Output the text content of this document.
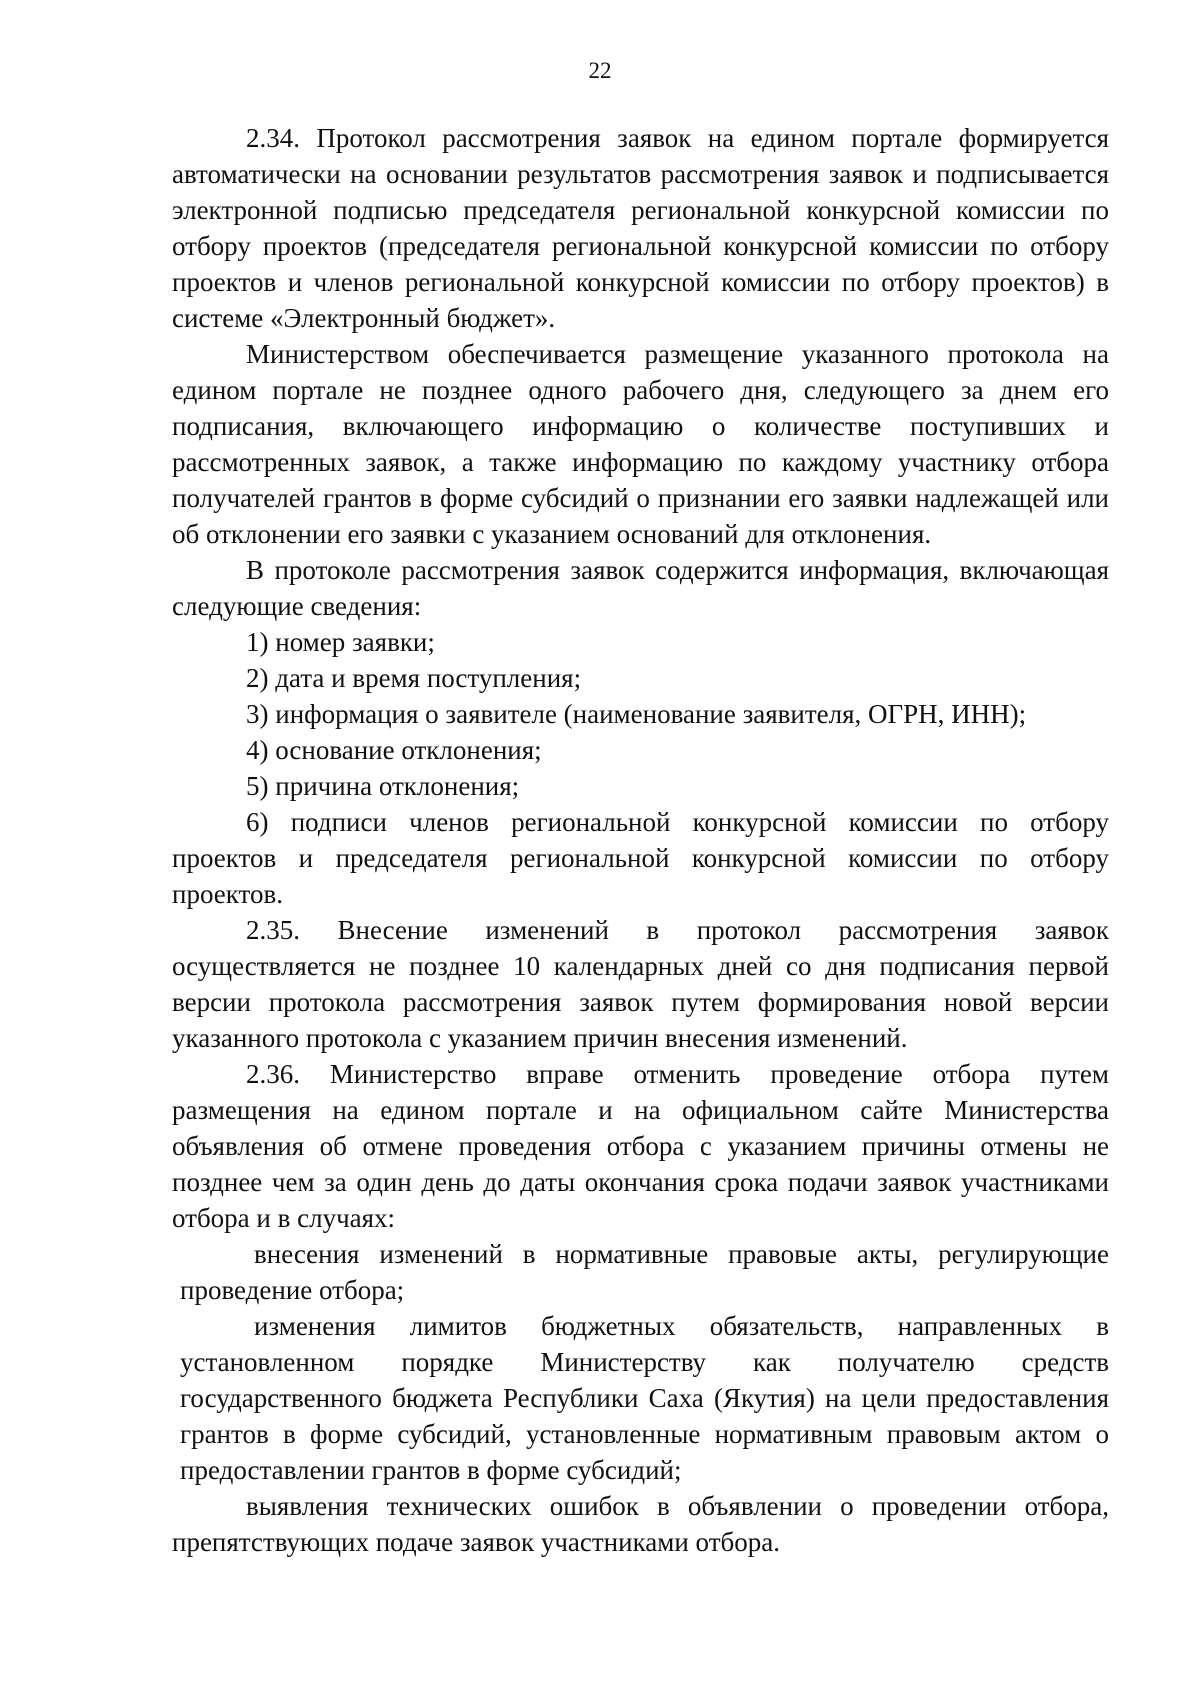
22

2.34. Протокол рассмотрения заявок на едином портале формируется автоматически на основании результатов рассмотрения заявок и подписывается электронной подписью председателя региональной конкурсной комиссии по отбору проектов (председателя региональной конкурсной комиссии по отбору проектов и членов региональной конкурсной комиссии по отбору проектов) в системе «Электронный бюджет».

Министерством обеспечивается размещение указанного протокола на едином портале не позднее одного рабочего дня, следующего за днем его подписания, включающего информацию о количестве поступивших и рассмотренных заявок, а также информацию по каждому участнику отбора получателей грантов в форме субсидий о признании его заявки надлежащей или об отклонении его заявки с указанием оснований для отклонения.

В протоколе рассмотрения заявок содержится информация, включающая следующие сведения:

1) номер заявки;

2) дата и время поступления;

3) информация о заявителе (наименование заявителя, ОГРН, ИНН);

4) основание отклонения;

5) причина отклонения;

6) подписи членов региональной конкурсной комиссии по отбору проектов и председателя региональной конкурсной комиссии по отбору проектов.

2.35. Внесение изменений в протокол рассмотрения заявок осуществляется не позднее 10 календарных дней со дня подписания первой версии протокола рассмотрения заявок путем формирования новой версии указанного протокола с указанием причин внесения изменений.

2.36. Министерство вправе отменить проведение отбора путем размещения на едином портале и на официальном сайте Министерства объявления об отмене проведения отбора с указанием причины отмены не позднее чем за один день до даты окончания срока подачи заявок участниками отбора и в случаях:

внесения изменений в нормативные правовые акты, регулирующие проведение отбора;

изменения лимитов бюджетных обязательств, направленных в установленном порядке Министерству как получателю средств государственного бюджета Республики Саха (Якутия) на цели предоставления грантов в форме субсидий, установленные нормативным правовым актом о предоставлении грантов в форме субсидий;

выявления технических ошибок в объявлении о проведении отбора, препятствующих подаче заявок участниками отбора.
